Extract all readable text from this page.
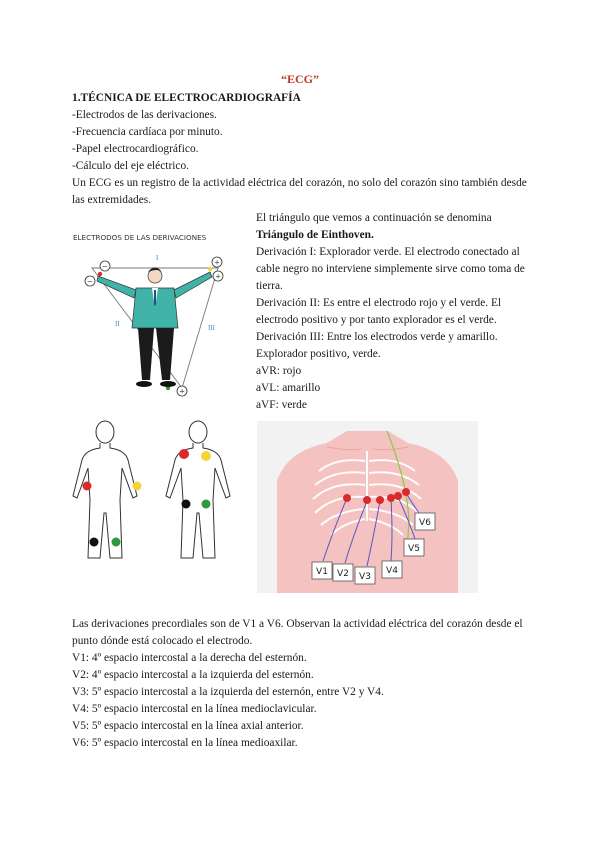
“ECG”
1.TÉCNICA DE ELECTROCARDIOGRAFÍA
-Electrodos de las derivaciones.
-Frecuencia cardíaca por minuto.
-Papel electrocardiográfico.
-Cálculo del eje eléctrico.
Un ECG es un registro de la actividad eléctrica del corazón, no solo del corazón sino también desde las extremidades.
El triángulo que vemos a continuación se denomina
Triángulo de Einthoven.
Derivación I: Explorador verde. El electrodo conectado al cable negro no interviene simplemente sirve como toma de tierra.
Derivación II: Es entre el electrodo rojo y el verde. El electrodo positivo y por tanto explorador es el verde.
Derivación III: Entre los electrodos verde y amarillo. Explorador positivo, verde.
aVR: rojo
aVL: amarillo
aVF: verde
ELECTRODOS DE LAS DERIVACIONES
I
II	III
−	+
+
−
+
V1 V2 V3
V4
V5
V6
Las derivaciones precordiales son de V1 a V6. Observan la actividad eléctrica del corazón desde el punto dónde está colocado el electrodo.
V1: 4º espacio intercostal a la derecha del esternón.
V2: 4º espacio intercostal a la izquierda del esternón.
V3: 5º espacio intercostal a la izquierda del esternón, entre V2 y V4.
V4: 5º espacio intercostal en la línea medioclavicular.
V5: 5º espacio intercostal en la línea axial anterior.
V6: 5º espacio intercostal en la línea medioaxilar.
